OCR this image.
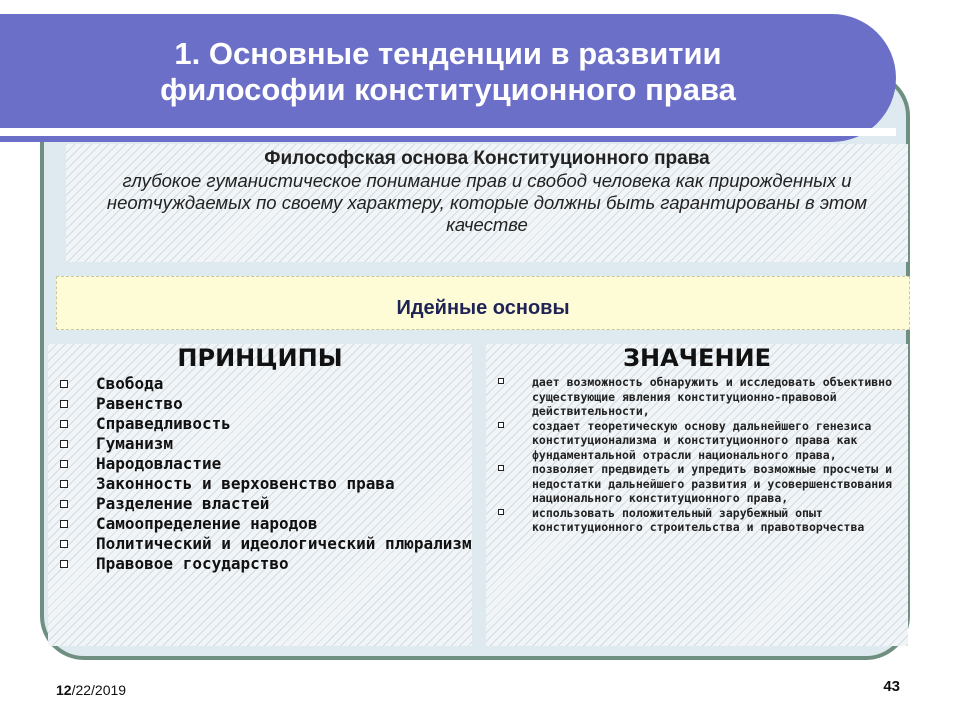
1. Основные тенденции в развитии
философии конституционного права
Философская основа Конституционного права
глубокое гуманистическое понимание прав и свобод человека как прирожденных и неотчуждаемых по своему характеру, которые должны быть гарантированы в этом качестве
Идейные основы
ПРИНЦИПЫ
Свобода
Равенство
Справедливость
Гуманизм
Народовластие
Законность и верховенство права
Разделение властей
Самоопределение народов
Политический и идеологический плюрализм
Правовое государство
ЗНАЧЕНИЕ
дает возможность обнаружить и исследовать объективно существующие явления конституционно-правовой действительности,
создает теоретическую основу дальнейшего генезиса конституционализма и конституционного права как фундаментальной отрасли национального права,
позволяет предвидеть и упредить возможные просчеты и недостатки дальнейшего развития и усовершенствования национального конституционного права,
использовать положительный зарубежный опыт конституционного строительства и правотворчества
12/22/2019	43
